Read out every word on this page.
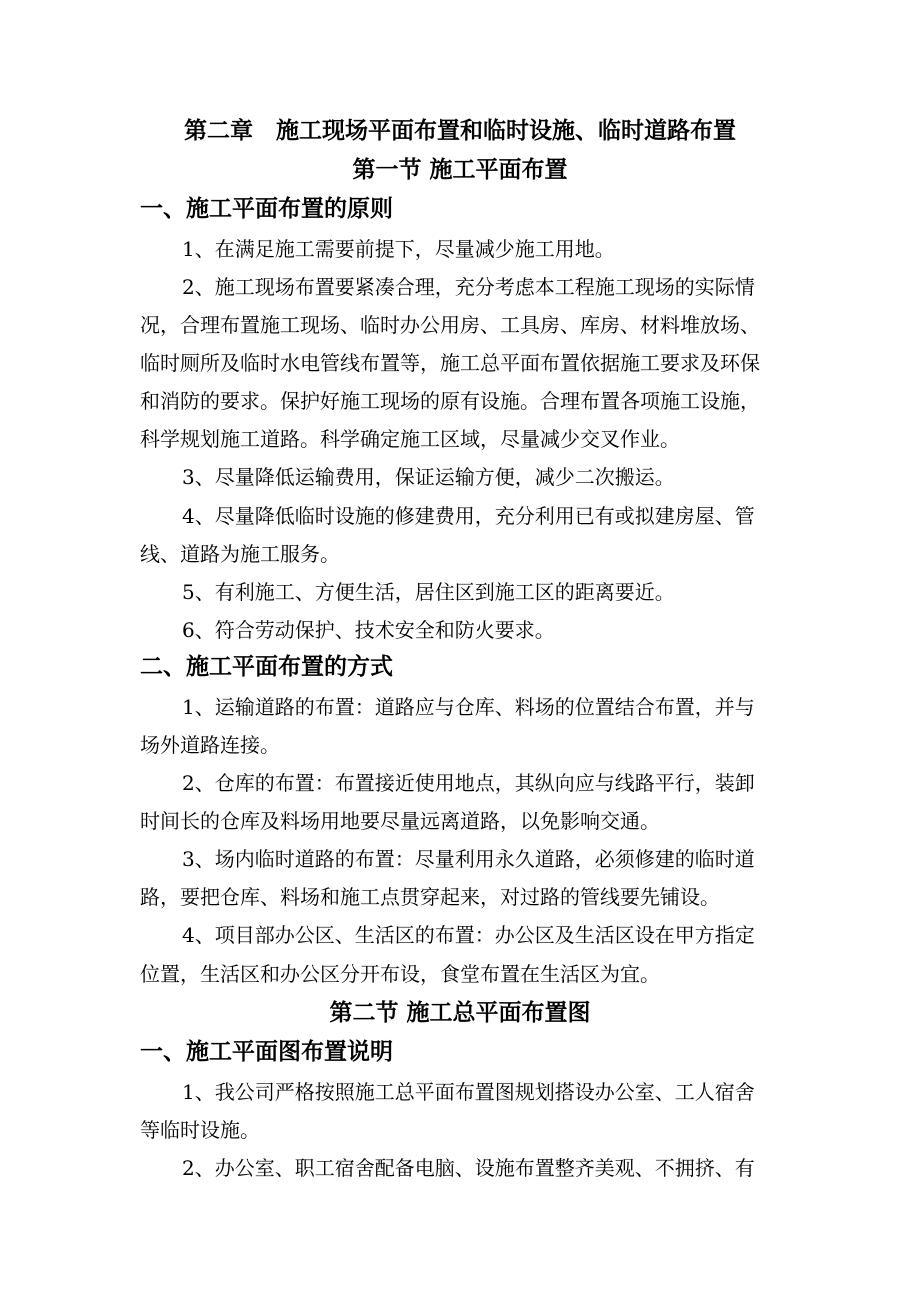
第二章　施工现场平面布置和临时设施、临时道路布置
第一节 施工平面布置
一、施工平面布置的原则
1、在满足施工需要前提下，尽量减少施工用地。
2、施工现场布置要紧凑合理，充分考虑本工程施工现场的实际情
况，合理布置施工现场、临时办公用房、工具房、库房、材料堆放场、
临时厕所及临时水电管线布置等，施工总平面布置依据施工要求及环保
和消防的要求。保护好施工现场的原有设施。合理布置各项施工设施，
科学规划施工道路。科学确定施工区域，尽量减少交叉作业。
3、尽量降低运输费用，保证运输方便，减少二次搬运。
4、尽量降低临时设施的修建费用，充分利用已有或拟建房屋、管
线、道路为施工服务。
5、有利施工、方便生活，居住区到施工区的距离要近。
6、符合劳动保护、技术安全和防火要求。
二、施工平面布置的方式
1、运输道路的布置：道路应与仓库、料场的位置结合布置，并与
场外道路连接。
2、仓库的布置：布置接近使用地点，其纵向应与线路平行，装卸
时间长的仓库及料场用地要尽量远离道路，以免影响交通。
3、场内临时道路的布置：尽量利用永久道路，必须修建的临时道
路，要把仓库、料场和施工点贯穿起来，对过路的管线要先铺设。
4、项目部办公区、生活区的布置：办公区及生活区设在甲方指定
位置，生活区和办公区分开布设，食堂布置在生活区为宜。
第二节 施工总平面布置图
一、施工平面图布置说明
1、我公司严格按照施工总平面布置图规划搭设办公室、工人宿舍
等临时设施。
2、办公室、职工宿舍配备电脑、设施布置整齐美观、不拥挤、有
